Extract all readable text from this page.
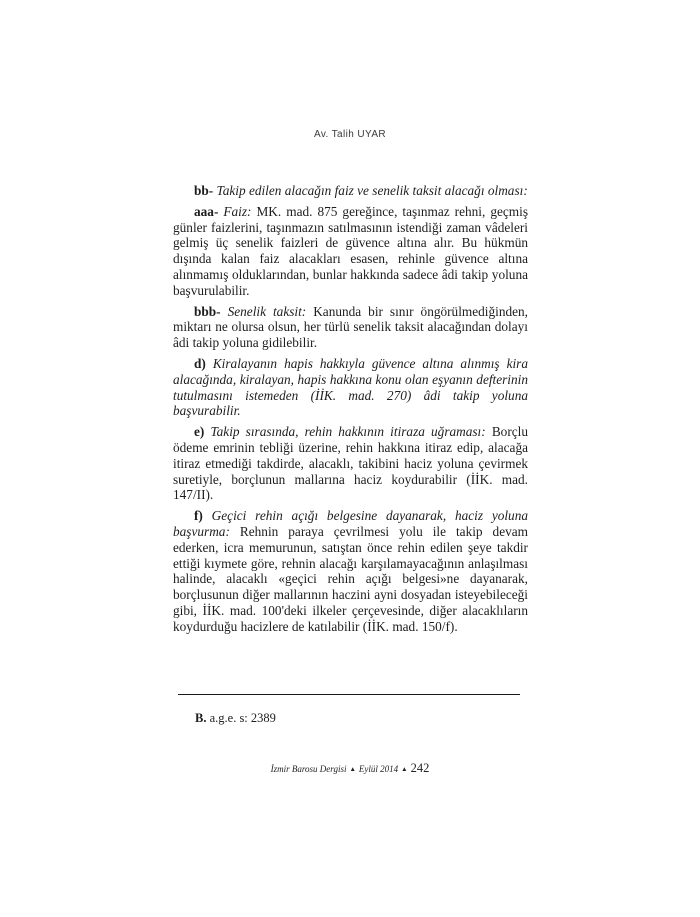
Av. Talih UYAR

bb- Takip edilen alacağın faiz ve senelik taksit alacağı olması:

aaa- Faiz: MK. mad. 875 gereğince, taşınmaz rehni, geçmiş günler faizlerini, taşınmazın satılmasının istendiği zaman vâdeleri gelmiş üç senelik faizleri de güvence altına alır. Bu hükmün dışında kalan faiz alacakları esasen, rehinle güvence altına alınmamış olduklarından, bunlar hakkında sadece âdi takip yoluna başvurulabilir.

bbb- Senelik taksit: Kanunda bir sınır öngörülmediğinden, miktarı ne olursa olsun, her türlü senelik taksit alacağından dolayı âdi takip yoluna gidilebilir.

d) Kiralayanın hapis hakkıyla güvence altına alınmış kira alacağında, kiralayan, hapis hakkına konu olan eşyanın defterinin tutulmasını istemeden (İİK. mad. 270) âdi takip yoluna başvurabilir.

e) Takip sırasında, rehin hakkının itiraza uğraması: Borçlu ödeme emrinin tebliği üzerine, rehin hakkına itiraz edip, alacağa itiraz etmediği takdirde, alacaklı, takibini haciz yoluna çevirmek suretiyle, borçlunun mallarına haciz koydurabilir (İİK. mad. 147/II).

f) Geçici rehin açığı belgesine dayanarak, haciz yoluna başvurma: Rehnin paraya çevrilmesi yolu ile takip devam ederken, icra memurunun, satıştan önce rehin edilen şeye takdir ettiği kıymete göre, rehnin alacağı karşılamayacağının anlaşılması halinde, alacaklı «geçici rehin açığı belgesi»ne dayanarak, borçlusunun diğer mallarının haczini ayni dosyadan isteyebileceği gibi, İİK. mad. 100'deki ilkeler çerçevesinde, diğer alacaklıların koydurduğu hacizlere de katılabilir (İİK. mad. 150/f).

B. a.g.e. s: 2389
İzmir Barosu Dergisi ▲ Eylül 2014 ▲ 242
